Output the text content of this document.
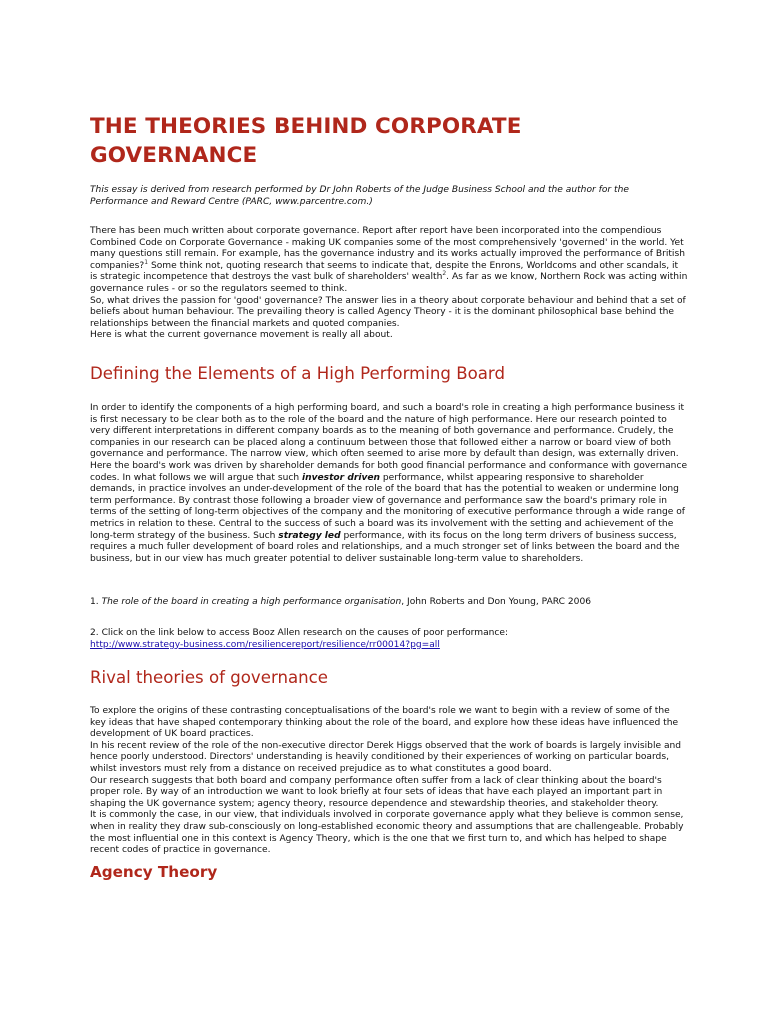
THE THEORIES BEHIND CORPORATE GOVERNANCE

This essay is derived from research performed by Dr John Roberts of the Judge Business School and the author for the Performance and Reward Centre (PARC, www.parcentre.com.)

There has been much written about corporate governance. Report after report have been incorporated into the compendious Combined Code on Corporate Governance - making UK companies some of the most comprehensively 'governed' in the world. Yet many questions still remain. For example, has the governance industry and its works actually improved the performance of British companies?$^1$ Some think not, quoting research that seems to indicate that, despite the Enrons, Worldcoms and other scandals, it is strategic incompetence that destroys the vast bulk of shareholders' wealth$^2$. As far as we know, Northern Rock was acting within governance rules - or so the regulators seemed to think.

So, what drives the passion for 'good' governance? The answer lies in a theory about corporate behaviour and behind that a set of beliefs about human behaviour. The prevailing theory is called Agency Theory - it is the dominant philosophical base behind the relationships between the financial markets and quoted companies.

Here is what the current governance movement is really all about.

Defining the Elements of a High Performing Board

In order to identify the components of a high performing board, and such a board's role in creating a high performance business it is first necessary to be clear both as to the role of the board and the nature of high performance. Here our research pointed to very different interpretations in different company boards as to the meaning of both governance and performance. Crudely, the companies in our research can be placed along a continuum between those that followed either a narrow or board view of both governance and performance. The narrow view, which often seemed to arise more by default than design, was externally driven. Here the board's work was driven by shareholder demands for both good financial performance and conformance with governance codes. In what follows we will argue that such investor driven performance, whilst appearing responsive to shareholder demands, in practice involves an under-development of the role of the board that has the potential to weaken or undermine long term performance. By contrast those following a broader view of governance and performance saw the board's primary role in terms of the setting of long-term objectives of the company and the monitoring of executive performance through a wide range of metrics in relation to these. Central to the success of such a board was its involvement with the setting and achievement of the long-term strategy of the business. Such strategy led performance, with its focus on the long term drivers of business success, requires a much fuller development of board roles and relationships, and a much stronger set of links between the board and the business, but in our view has much greater potential to deliver sustainable long-term value to shareholders.

1. The role of the board in creating a high performance organisation, John Roberts and Don Young, PARC 2006

2. Click on the link below to access Booz Allen research on the causes of poor performance:

http://www.strategy-business.com/resiliencereport/resilience/rr00014?pg=all

Rival theories of governance

To explore the origins of these contrasting conceptualisations of the board's role we want to begin with a review of some of the key ideas that have shaped contemporary thinking about the role of the board, and explore how these ideas have influenced the development of UK board practices.

In his recent review of the role of the non-executive director Derek Higgs observed that the work of boards is largely invisible and hence poorly understood. Directors' understanding is heavily conditioned by their experiences of working on particular boards, whilst investors must rely from a distance on received prejudice as to what constitutes a good board.

Our research suggests that both board and company performance often suffer from a lack of clear thinking about the board's proper role. By way of an introduction we want to look briefly at four sets of ideas that have each played an important part in shaping the UK governance system; agency theory, resource dependence and stewardship theories, and stakeholder theory.

It is commonly the case, in our view, that individuals involved in corporate governance apply what they believe is common sense, when in reality they draw sub-consciously on long-established economic theory and assumptions that are challengeable. Probably the most influential one in this context is Agency Theory, which is the one that we first turn to, and which has helped to shape recent codes of practice in governance.

Agency Theory
